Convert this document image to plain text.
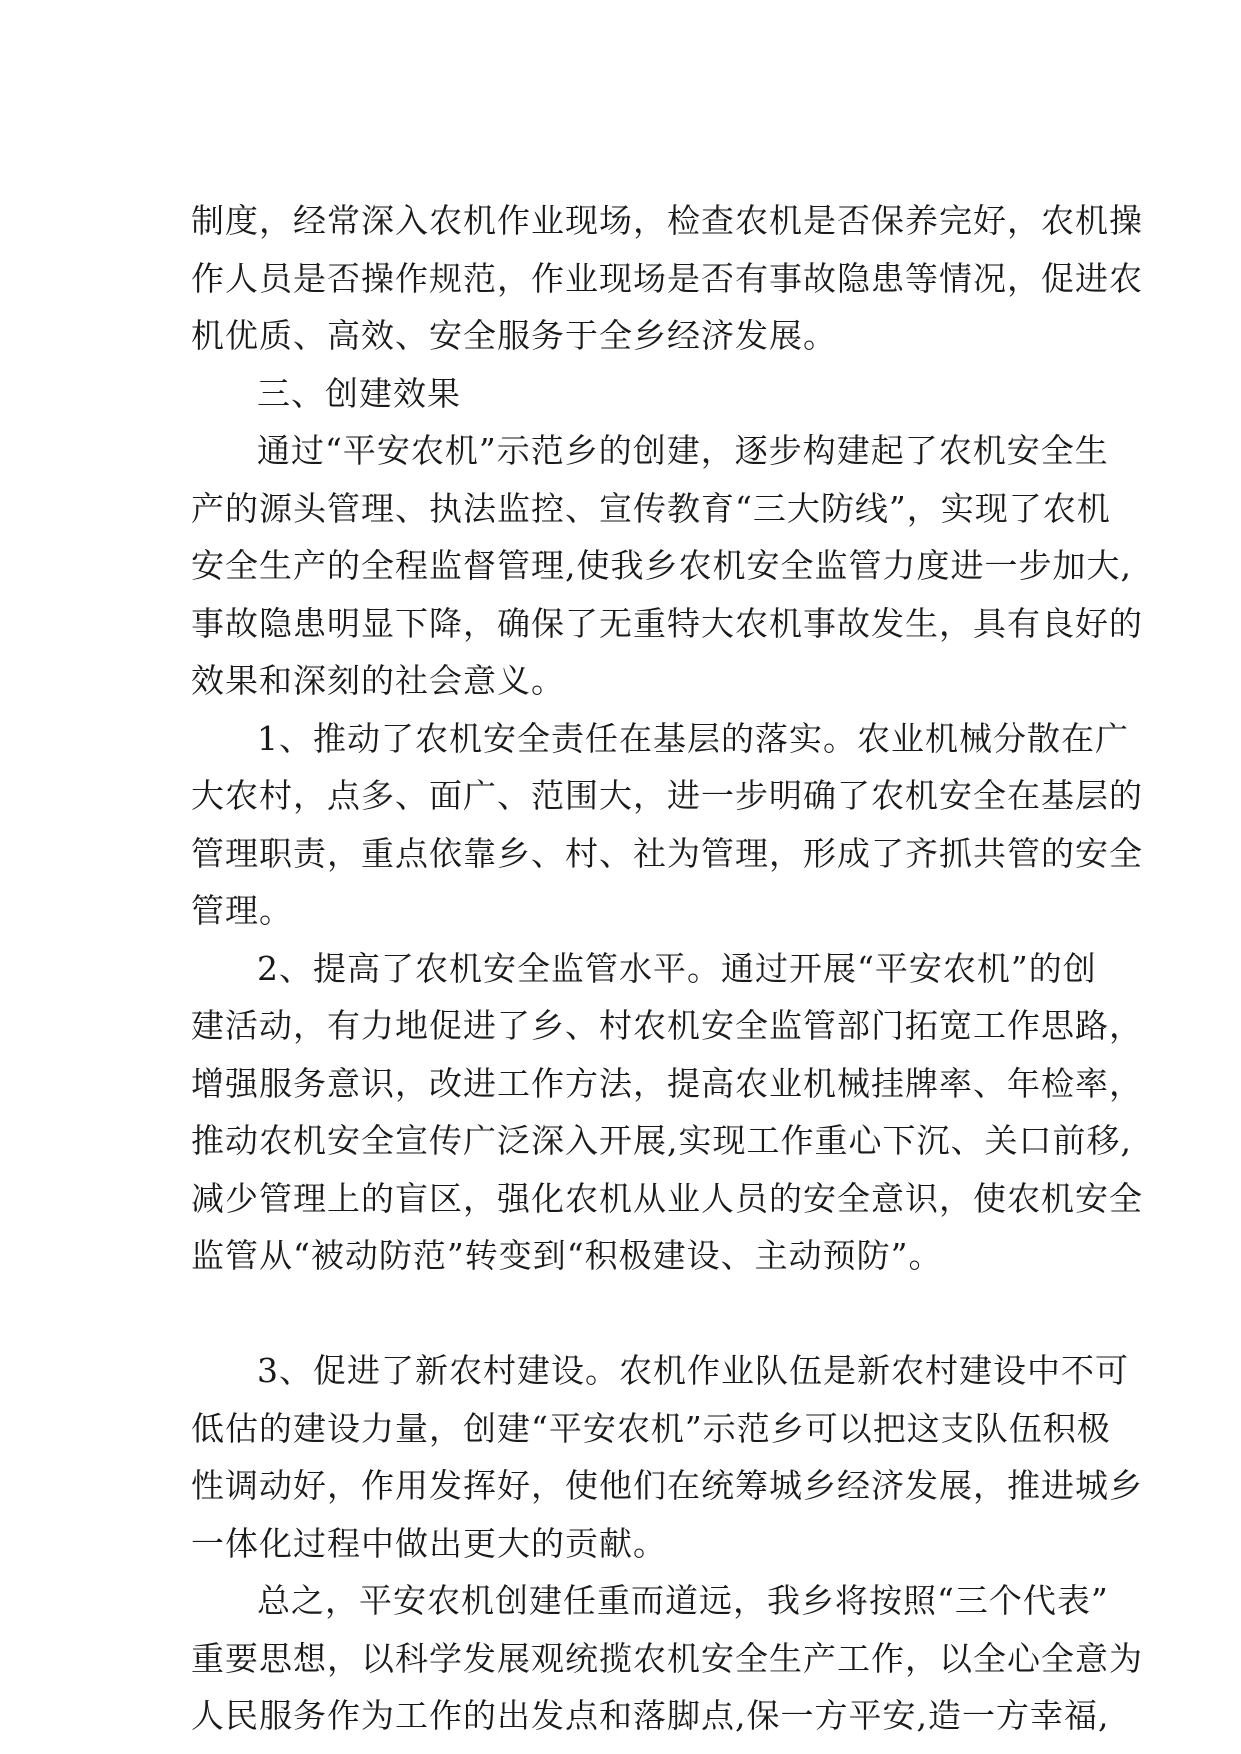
制度，经常深入农机作业现场，检查农机是否保养完好，农机操
作人员是否操作规范，作业现场是否有事故隐患等情况，促进农
机优质、高效、安全服务于全乡经济发展。
三、创建效果
通过“平安农机”示范乡的创建，逐步构建起了农机安全生
产的源头管理、执法监控、宣传教育“三大防线”，实现了农机
安全生产的全程监督管理,使我乡农机安全监管力度进一步加大,
事故隐患明显下降，确保了无重特大农机事故发生，具有良好的
效果和深刻的社会意义。
1、推动了农机安全责任在基层的落实。农业机械分散在广
大农村，点多、面广、范围大，进一步明确了农机安全在基层的
管理职责，重点依靠乡、村、社为管理，形成了齐抓共管的安全
管理。
2、提高了农机安全监管水平。通过开展“平安农机”的创
建活动，有力地促进了乡、村农机安全监管部门拓宽工作思路，
增强服务意识，改进工作方法，提高农业机械挂牌率、年检率，
推动农机安全宣传广泛深入开展,实现工作重心下沉、关口前移,
减少管理上的盲区，强化农机从业人员的安全意识，使农机安全
监管从“被动防范”转变到“积极建设、主动预防”。
3、促进了新农村建设。农机作业队伍是新农村建设中不可
低估的建设力量，创建“平安农机”示范乡可以把这支队伍积极
性调动好，作用发挥好，使他们在统筹城乡经济发展，推进城乡
一体化过程中做出更大的贡献。
总之，平安农机创建任重而道远，我乡将按照“三个代表”
重要思想，以科学发展观统揽农机安全生产工作，以全心全意为
人民服务作为工作的出发点和落脚点,保一方平安,造一方幸福,
